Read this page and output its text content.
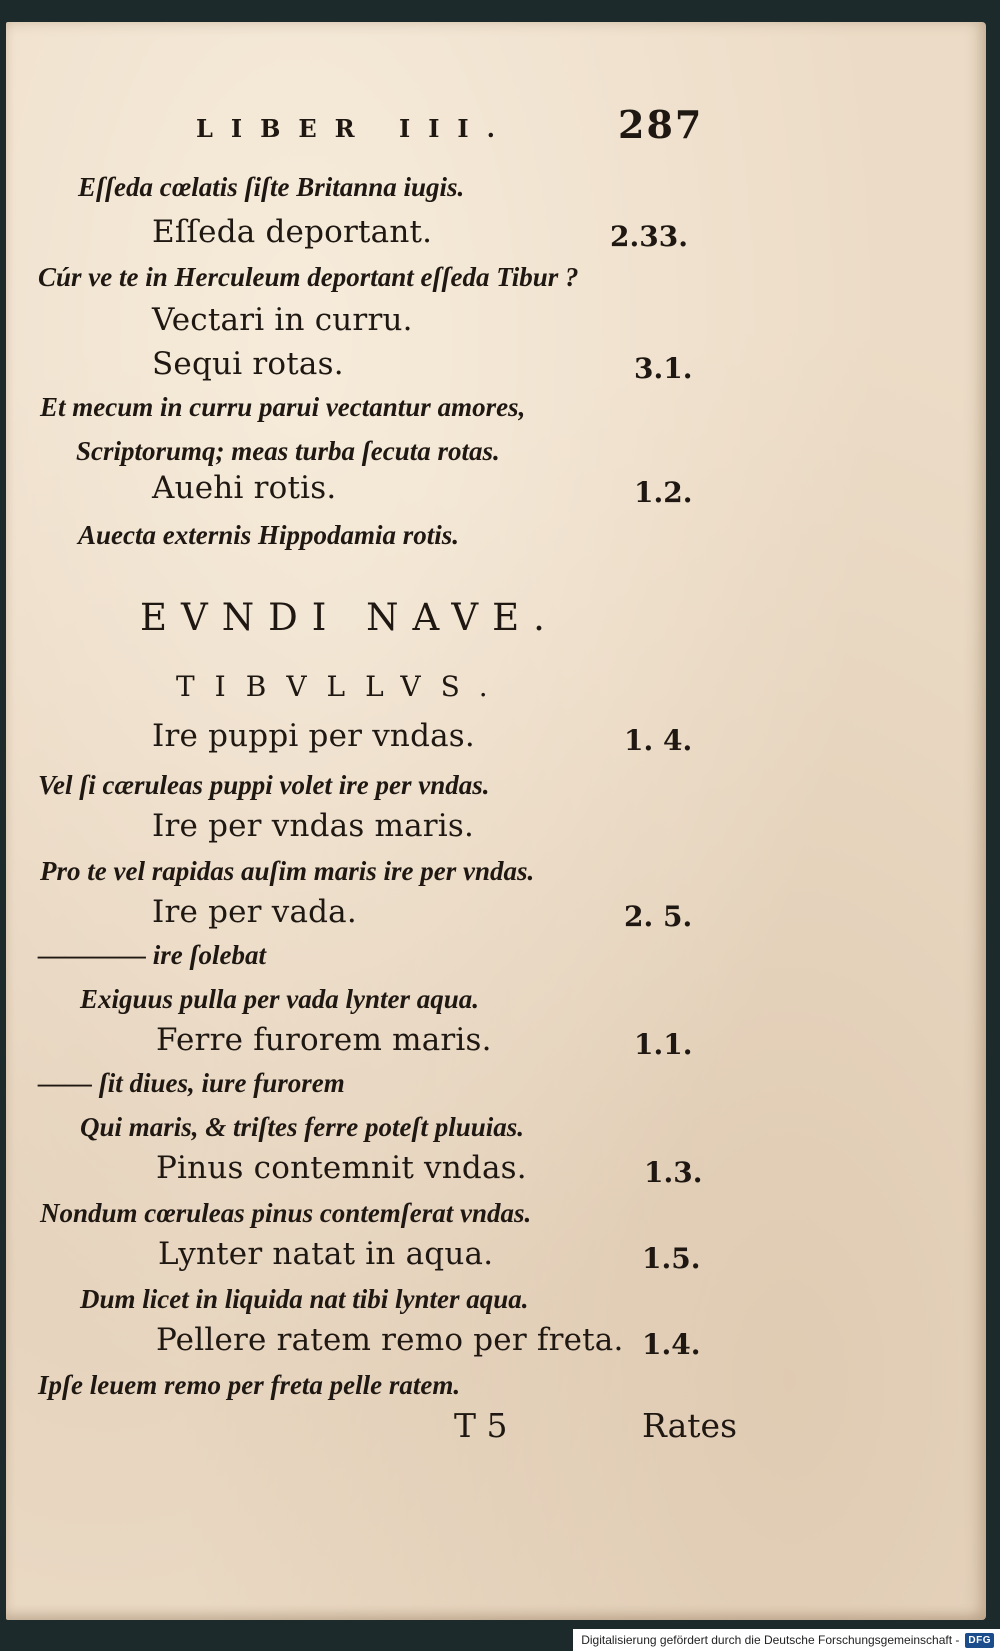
LIBER III.	287
Eſſeda cœlatis ſiſte Britanna iugis.
Eſſeda deportant.	2.33.
Cúr ve te in Herculeum deportant eſſeda Tibur ?
Vectari in curru.
Sequi rotas.	3.1.
Et mecum in curru parui vectantur amores,
Scriptorumq; meas turba ſecuta rotas.
Auehi rotis.	1.2.
Auecta externis Hippodamia rotis.
EVNDI NAVE.
TIBVLLVS.
Ire puppi per vndas.	1. 4.
Vel ſi cæruleas puppi volet ire per vndas.
Ire per vndas maris.
Pro te vel rapidas auſim maris ire per vndas.
Ire per vada.	2. 5.
———— ire ſolebat
Exiguus pulla per vada lynter aqua.
Ferre furorem maris.	1.1.
—— ſit diues, iure furorem
Qui maris, & triſtes ferre poteſt pluuias.
Pinus contemnit vndas.	1.3.
Nondum cœruleas pinus contemſerat vndas.
Lynter natat in aqua.	1.5.
Dum licet in liquida nat tibi lynter aqua.
Pellere ratem remo per freta. 1.4.
Ipſe leuem remo per freta pelle ratem.
T 5	Rates
Digitalisierung gefördert durch die Deutsche Forschungsgemeinschaft - DFG
